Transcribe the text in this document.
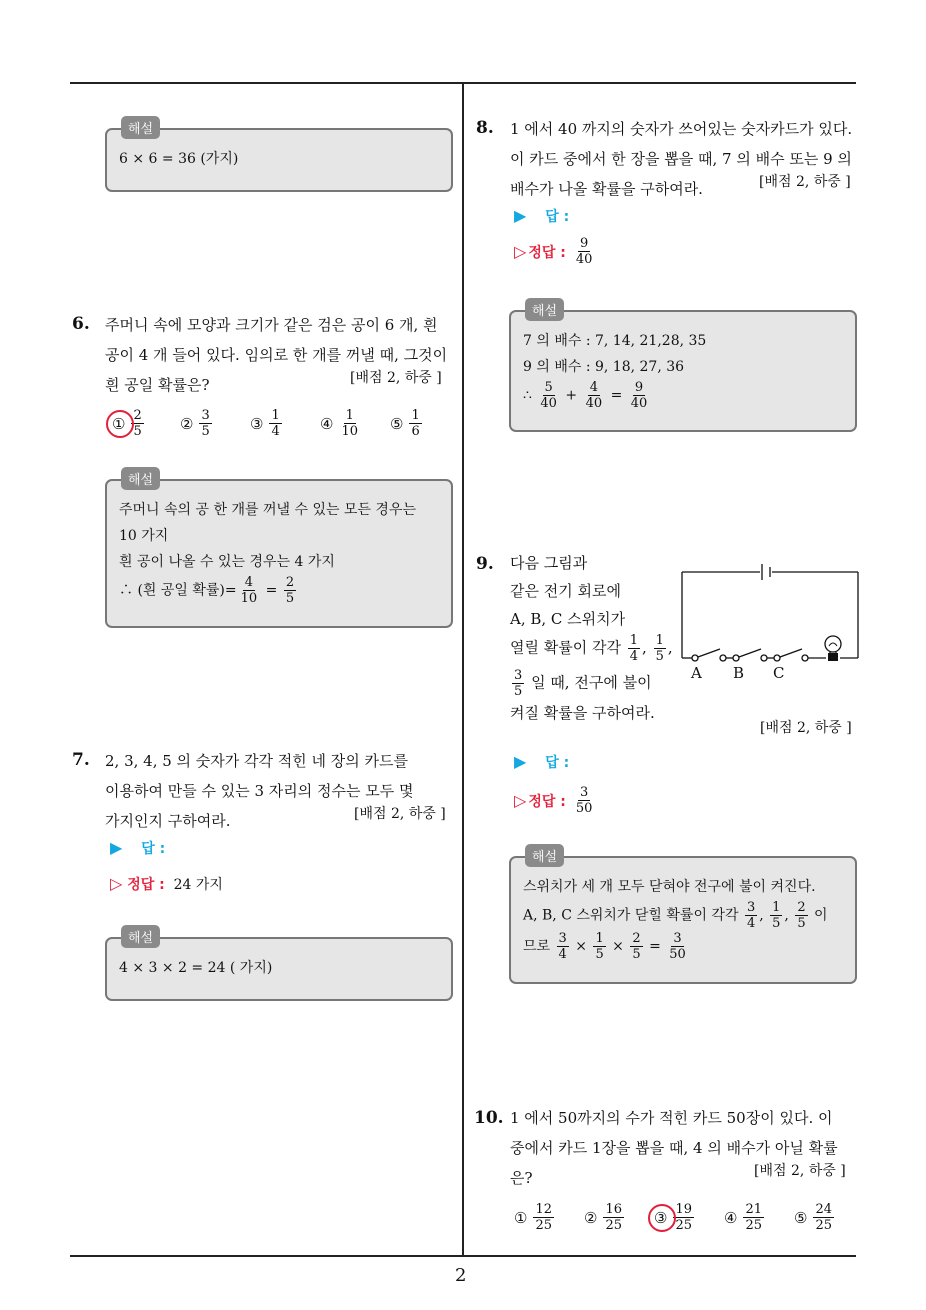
2
해설
6 × 6 = 36 (가지)
6. 주머니 속에 모양과 크기가 같은 검은 공이 6 개, 흰
공이 4 개 들어 있다. 임의로 한 개를 꺼낼 때, 그것이
흰 공일 확률은?	[배점 2, 하중 ]
① $\frac{2}{5}$ ② $\frac{3}{5}$	③ $\frac{1}{4}$	④ $\frac{1}{10}$ ⑤ $\frac{1}{6}$
해설
주머니 속의 공 한 개를 꺼낼 수 있는 모든 경우는
10 가지
흰 공이 나올 수 있는 경우는 4 가지
∴ (흰 공일 확률)= $\frac{4}{10} = \frac{2}{5}$
7. 2, 3, 4, 5 의 숫자가 각각 적힌 네 장의 카드를
이용하여 만들 수 있는 3 자리의 정수는 모두 몇
가지인지 구하여라.	[배점 2, 하중 ]
▶ 답 :
▷ 정답 : 24 가지
해설
4 × 3 × 2 = 24 ( 가지)
8. 1 에서 40 까지의 숫자가 쓰어있는 숫자카드가 있다.
이 카드 중에서 한 장을 뽑을 때, 7 의 배수 또는 9 의
배수가 나올 확률을 구하여라.	[배점 2, 하중 ]
▶ 답 :
▷ 정답 : $\frac{9}{40}$
해설
7 의 배수 : 7, 14, 21,28, 35
9 의 배수 : 9, 18, 27, 36
∴ $\frac{5}{40} + \frac{4}{40} = \frac{9}{40}$
9. 다음 그림과
같은 전기 회로에
A, B, C 스위치가
열릴 확률이 각각 $\frac{1}{4}$ , $\frac{1}{5}$ ,
$\frac{3}{5}$ 일 때, 전구에 불이
켜질 확률을 구하여라.
A B C
[배점 2, 하중 ]
▶ 답 :
▷ 정답 : $\frac{3}{50}$
해설
스위치가 세 개 모두 닫혀야 전구에 불이 켜진다.
A, B, C 스위치가 닫힐 확률이 각각 $\frac{3}{4}$ , $\frac{1}{5}$ , $\frac{2}{5}$ 이
므로 $\frac{3}{4} \times \frac{1}{5} \times \frac{2}{5} = \frac{3}{50}$
10. 1 에서 50까지의 수가 적힌 카드 50장이 있다. 이
중에서 카드 1장을 뽑을 때, 4 의 배수가 아닐 확률은?	[배점 2, 하중 ]
① $\frac{12}{25}$ ② $\frac{16}{25}$ ③ $\frac{19}{25}$ ④ $\frac{21}{25}$ ⑤ $\frac{24}{25}$
